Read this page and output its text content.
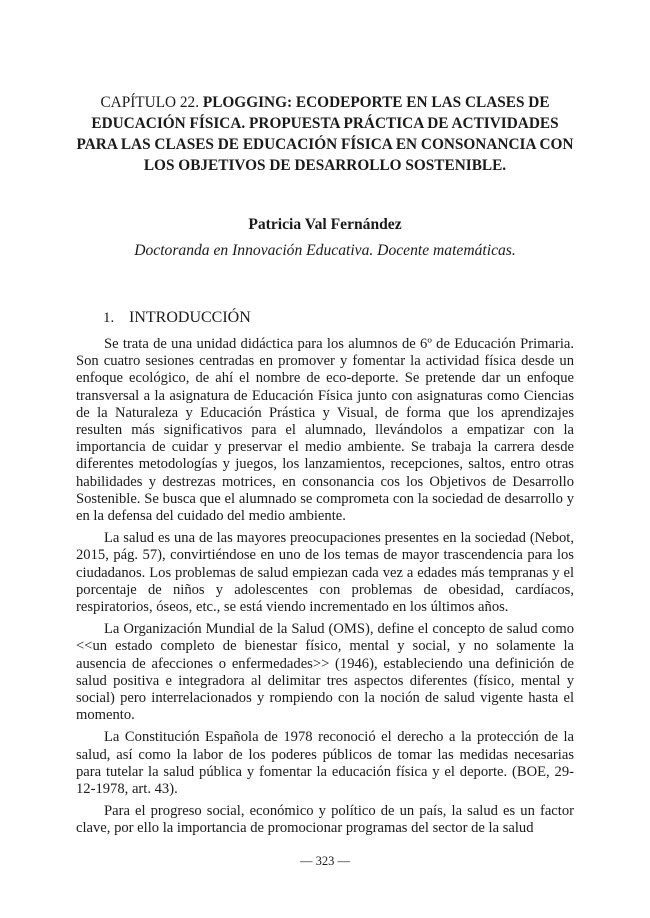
CAPÍTULO 22. PLOGGING: ECODEPORTE EN LAS CLASES DE EDUCACIÓN FÍSICA. PROPUESTA PRÁCTICA DE ACTIVIDADES PARA LAS CLASES DE EDUCACIÓN FÍSICA EN CONSONANCIA CON LOS OBJETIVOS DE DESARROLLO SOSTENIBLE.
Patricia Val Fernández
Doctoranda en Innovación Educativa. Docente matemáticas.
1. INTRODUCCIÓN

Se trata de una unidad didáctica para los alumnos de 6º de Educación Primaria. Son cuatro sesiones centradas en promover y fomentar la actividad física desde un enfoque ecológico, de ahí el nombre de eco-deporte. Se pretende dar un enfoque transversal a la asignatura de Educación Física junto con asignaturas como Ciencias de la Naturaleza y Educación Prástica y Visual, de forma que los aprendizajes resulten más significativos para el alumnado, llevándolos a empatizar con la importancia de cuidar y preservar el medio ambiente. Se trabaja la carrera desde diferentes metodologías y juegos, los lanzamientos, recepciones, saltos, entro otras habilidades y destrezas motrices, en consonancia cos los Objetivos de Desarrollo Sostenible. Se busca que el alumnado se comprometa con la sociedad de desarrollo y en la defensa del cuidado del medio ambiente.

La salud es una de las mayores preocupaciones presentes en la sociedad (Nebot, 2015, pág. 57), convirtiéndose en uno de los temas de mayor trascendencia para los ciudadanos. Los problemas de salud empiezan cada vez a edades más tempranas y el porcentaje de niños y adolescentes con problemas de obesidad, cardíacos, respiratorios, óseos, etc., se está viendo incrementado en los últimos años.

La Organización Mundial de la Salud (OMS), define el concepto de salud como <<un estado completo de bienestar físico, mental y social, y no solamente la ausencia de afecciones o enfermedades>> (1946), estableciendo una definición de salud positiva e integradora al delimitar tres aspectos diferentes (físico, mental y social) pero interrelacionados y rompiendo con la noción de salud vigente hasta el momento.

La Constitución Española de 1978 reconoció el derecho a la protección de la salud, así como la labor de los poderes públicos de tomar las medidas necesarias para tutelar la salud pública y fomentar la educación física y el deporte. (BOE, 29-12-1978, art. 43).

Para el progreso social, económico y político de un país, la salud es un factor clave, por ello la importancia de promocionar programas del sector de la salud

— 323 —
